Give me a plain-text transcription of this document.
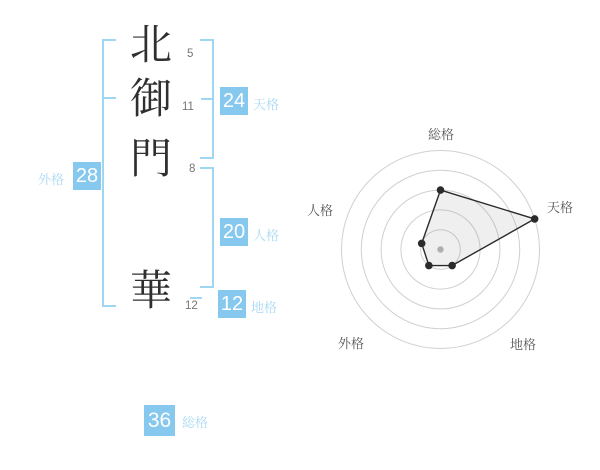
北
御
門
華
5
11
8
12
外格 28
24 天格
20 人格
12 地格
36 総格
総格
天格
地格
外格
人格
